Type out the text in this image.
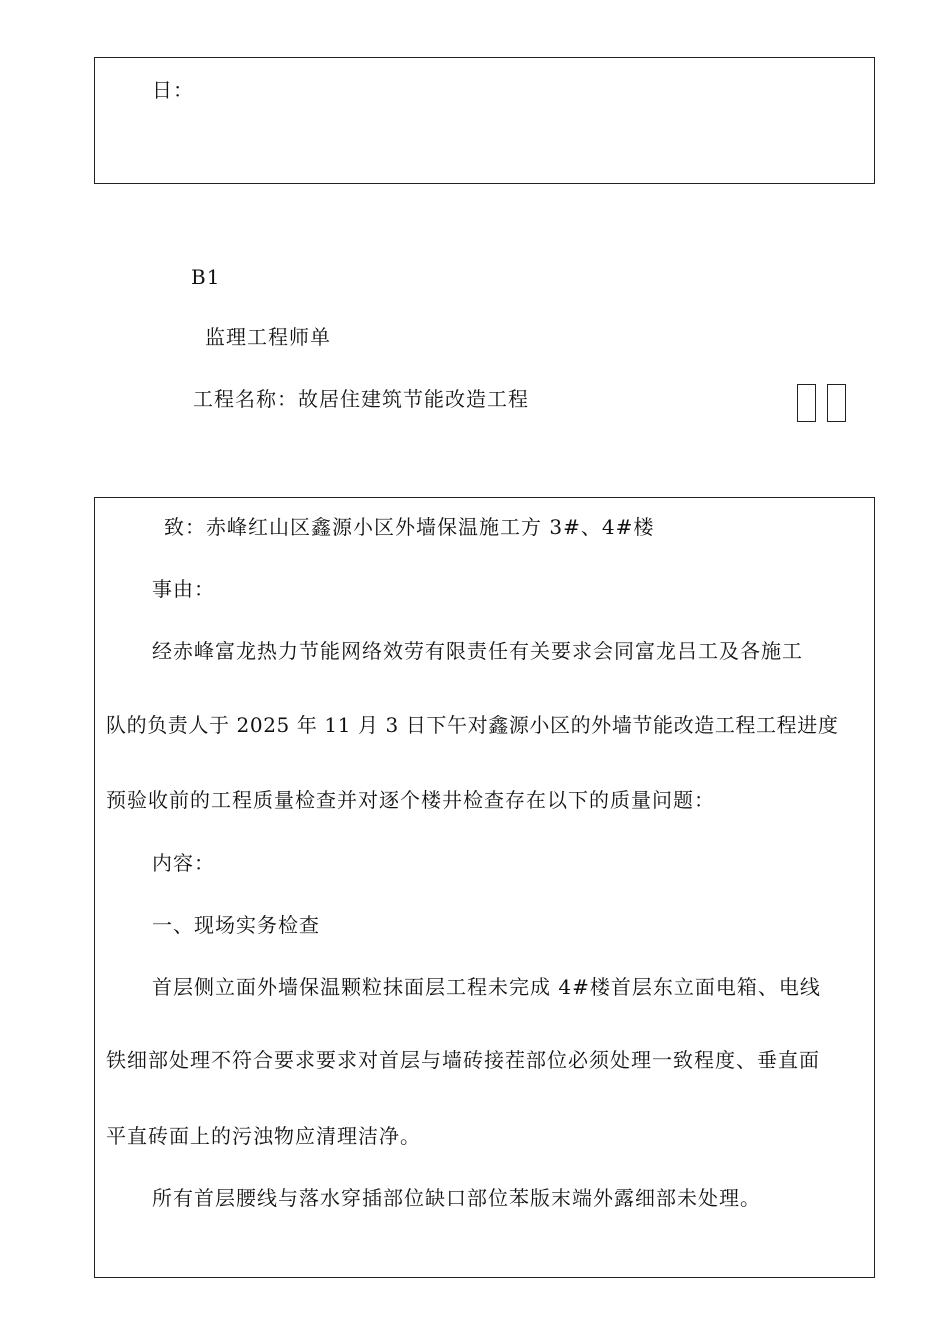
日：
B1
监理工程师单
工程名称：故居住建筑节能改造工程
致：赤峰红山区鑫源小区外墙保温施工方 3#、4#楼
事由：
经赤峰富龙热力节能网络效劳有限责任有关要求会同富龙吕工及各施工
队的负责人于 2025 年 11 月 3 日下午对鑫源小区的外墙节能改造工程工程进度
预验收前的工程质量检查并对逐个楼井检查存在以下的质量问题：
内容：
一、现场实务检查
首层侧立面外墙保温颗粒抹面层工程未完成 4#楼首层东立面电箱、电线
铁细部处理不符合要求要求对首层与墙砖接茬部位必须处理一致程度、垂直面
平直砖面上的污浊物应清理洁净。
所有首层腰线与落水穿插部位缺口部位苯版末端外露细部未处理。
